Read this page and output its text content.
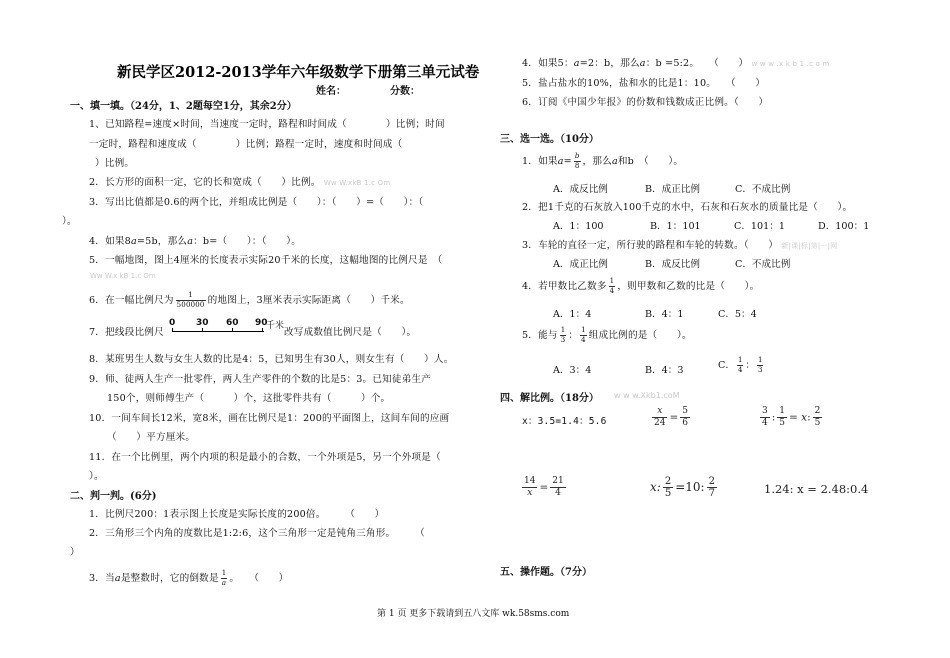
新民学区2012-2013学年六年级数学下册第三单元试卷
姓名：	分数：
一、填一填。（24分，1、2题每空1分，其余2分）
1、已知路程=速度×时间，当速度一定时，路程和时间成（　　　　）比例；时间
一定时，路程和速度成（　　　　）比例；路程一定时，速度和时间成（
）比例。
2．长方形的面积一定，它的长和宽成（　　）比例。 Ww W.xkB 1.c Om
3．写出比值都是0.6的两个比，并组成比例是（　　）：（　　）=（　　）：（
）。
4．如果8a=5b，那么a：b=（　　）：（　　）。
5．一幅地图，图上4厘米的长度表示实际20千米的长度，这幅地图的比例尺是　（
Ww W.x kB 1.c Om
6．在一幅比例尺为 $\frac{1}{500000}$ 的地图上，3厘米表示实际距离（　　）千米。
7．把线段比例尺
0 30 60 90
千米
改写成数值比例尺是（　　）。
8．某班男生人数与女生人数的比是4：5，已知男生有30人，则女生有（　　）人。
9．师、徒两人生产一批零件，两人生产零件的个数的比是5：3。已知徒弟生产
150个，则师傅生产（　　　）个，这批零件共有（　　　）个。
10．一间车间长12米，宽8米，画在比例尺是1：200的平面图上，这间车间的应画
（　　）平方厘米。
11．在一个比例里，两个内项的积是最小的合数，一个外项是5，另一个外项是（
）。
二、判一判。(6分)
1．比例尺200：1表示图上长度是实际长度的200倍。　　　（　　）
2．三角形三个内角的度数比是1:2:6，这个三角形一定是钝角三角形。　　　（
）
3．当a是整数时，它的倒数是 $\frac{1}{a}$ 。　　（　　）
4．如果5：a=2：b，那么a：b =5:2。　　（　　） w w w .x k b 1 .c o m
5．盐占盐水的10%，盐和水的比是1：10。　　（　　）
6．订阅《中国少年报》的份数和钱数成正比例。（　　）
三、选一选。（10分）
1．如果$a= \frac{b}{8}$ ，那么a和b　（　　）。
A．成反比例	B．成正比例	C．不成比例
2．把1千克的石灰放入100千克的水中，石灰和石灰水的质量比是（　　）。
A．1：100	B．1：101	C．101：1	D．100：1
3．车轮的直径一定，所行驶的路程和车轮的转数。（　　） 新|课|标|第|一|网
A．成正比例	B．成反比例	C．不成比例
4．若甲数比乙数多 $\frac{1}{4}$ ，则甲数和乙数的比是（　　）。
A．1：4	B．4：1	C．5：4
5．能与 $\frac{1}{3}$ ： $\frac{1}{4}$ 组成比例的是（　　）。
A．3：4	B．4：3	C． $\frac{1}{4}$ ： $\frac{1}{3}$
四、解比例。（18分） w w w.Xkb1.coM
x：3.5=1.4：5.6	$\frac{x}{24} = \frac{5}{6}$	$\frac{3}{4}$ : $\frac{1}{5} = x$: $\frac{2}{5}$
$\frac{14}{x} = \frac{21}{4}$	x: $\frac{2}{5} =10$: $\frac{2}{7}$	1.24: x = 2.48:0.4
五、操作题。（7分）
第 1 页 更多下载请到五八文库 wk.58sms.com
